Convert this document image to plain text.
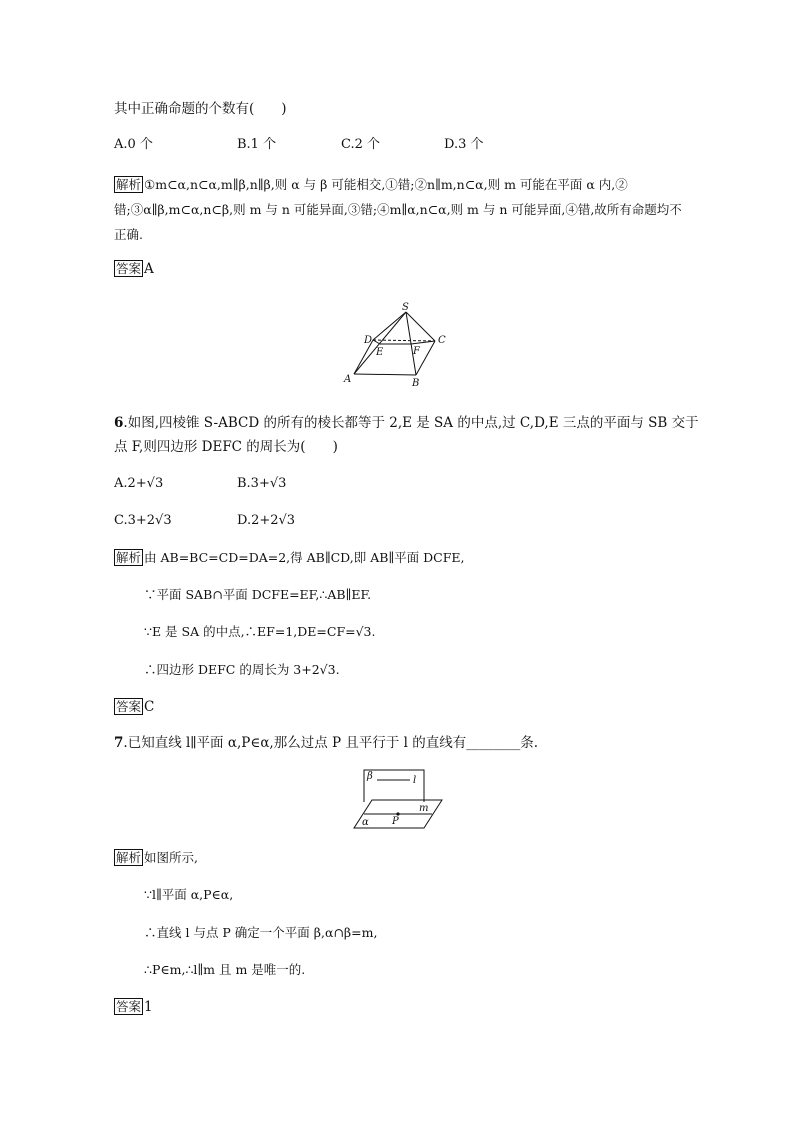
其中正确命题的个数有(　　)
A.0 个	B.1 个	C.2 个	D.3 个
解析 ①m⊂α,n⊂α,m∥β,n∥β,则 α 与 β 可能相交,①错;②n∥m,n⊂α,则 m 可能在平面 α 内,②错;③α∥β,m⊂α,n⊂β,则 m 与 n 可能异面,③错;④m∥α,n⊂α,则 m 与 n 可能异面,④错,故所有命题均不正确.
答案 A
S
D	C
E	F
A	B
6.如图,四棱锥 S-ABCD 的所有的棱长都等于 2,E 是 SA 的中点,过 C,D,E 三点的平面与 SB 交于
点 F,则四边形 DEFC 的周长为(　　)
A.2+√3	B.3+√3
C.3+2√3	D.2+2√3
解析 由 AB=BC=CD=DA=2,得 AB∥CD,即 AB∥平面 DCFE,
∵平面 SAB∩平面 DCFE=EF,∴AB∥EF.
∵E 是 SA 的中点,∴EF=1,DE=CF=√3.
∴四边形 DEFC 的周长为 3+2√3.
答案 C
7.已知直线 l∥平面 α,P∈α,那么过点 P 且平行于 l 的直线有________条.
β	l
m
P
α
解析 如图所示,
∵l∥平面 α,P∈α,
∴直线 l 与点 P 确定一个平面 β,α∩β=m,
∴P∈m,∴l∥m 且 m 是唯一的.
答案 1
